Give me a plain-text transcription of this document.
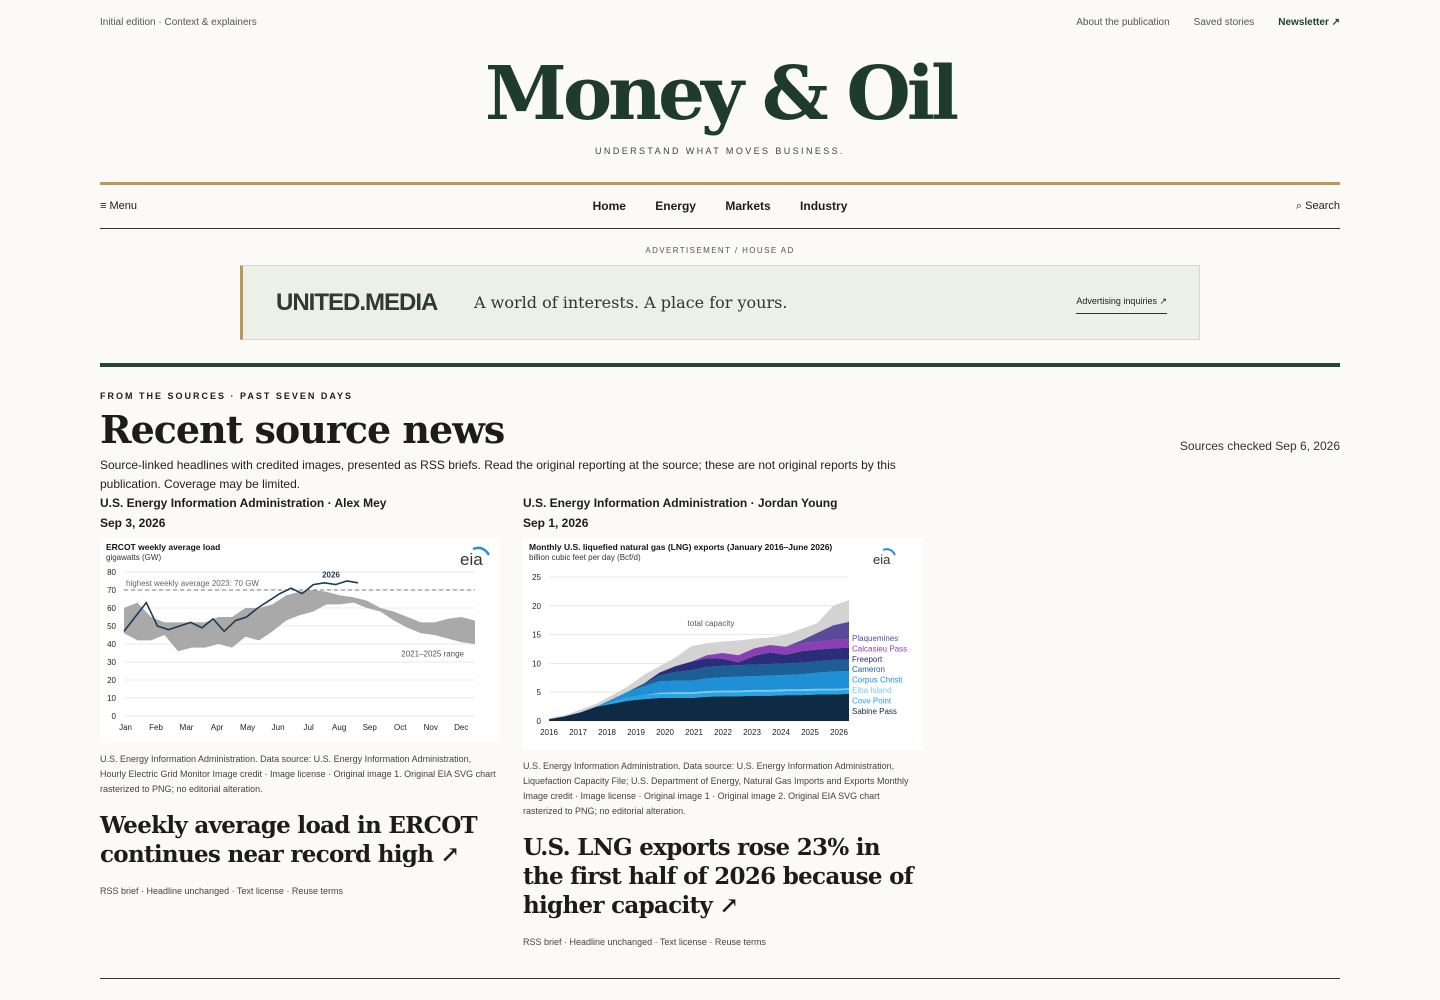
Initial edition · Context & explainers	About the publication Saved stories Newsletter ↗
Money & Oil
UNDERSTAND WHAT MOVES BUSINESS.
≡ Menu	Home Energy Markets Industry	⌕ Search
ADVERTISEMENT / HOUSE AD
UNITED.MEDIA A world of interests. A place for yours.	Advertising inquiries ↗
FROM THE SOURCES · PAST SEVEN DAYS
Recent source news	Sources checked Sep 6, 2026

Source-linked headlines with credited images, presented as RSS briefs. Read the original reporting at the source; these are not original reports by this publication. Coverage may be limited.

U.S. Energy Information Administration · Alex Mey
Sep 3, 2026
ERCOT weekly average load
gigawatts (GW)	eia
0
10
20
30
40
50
60
70
80
2021–2025 range
highest weekly average 2023: 70 GW
2026
Jan Feb Mar Apr May Jun Jul Aug Sep Oct Nov Dec
U.S. Energy Information Administration. Data source: U.S. Energy Information Administration, Hourly Electric Grid Monitor Image credit · Image license · Original image 1. Original EIA SVG chart rasterized to PNG; no editorial alteration.
Weekly average load in ERCOT continues near record high ↗
RSS brief · Headline unchanged · Text license · Reuse terms
U.S. Energy Information Administration · Jordan Young
Sep 1, 2026
Monthly U.S. liquefied natural gas (LNG) exports (January 2016–June 2026)
billion cubic feet per day (Bcf/d)	eia
0
5
10
15
20
25
total capacity
Plaquemines
Calcasieu Pass
Freeport
Cameron
Corpus Christi
Elba Island
Cove Point
Sabine Pass
2016 2017 2018 2019 2020 2021 2022 2023 2024 2025 2026
U.S. Energy Information Administration. Data source: U.S. Energy Information Administration, Liquefaction Capacity File; U.S. Department of Energy, Natural Gas Imports and Exports Monthly Image credit · Image license · Original image 1 · Original image 2. Original EIA SVG chart rasterized to PNG; no editorial alteration.
U.S. LNG exports rose 23% in the first half of 2026 because of higher capacity ↗
RSS brief · Headline unchanged · Text license · Reuse terms
